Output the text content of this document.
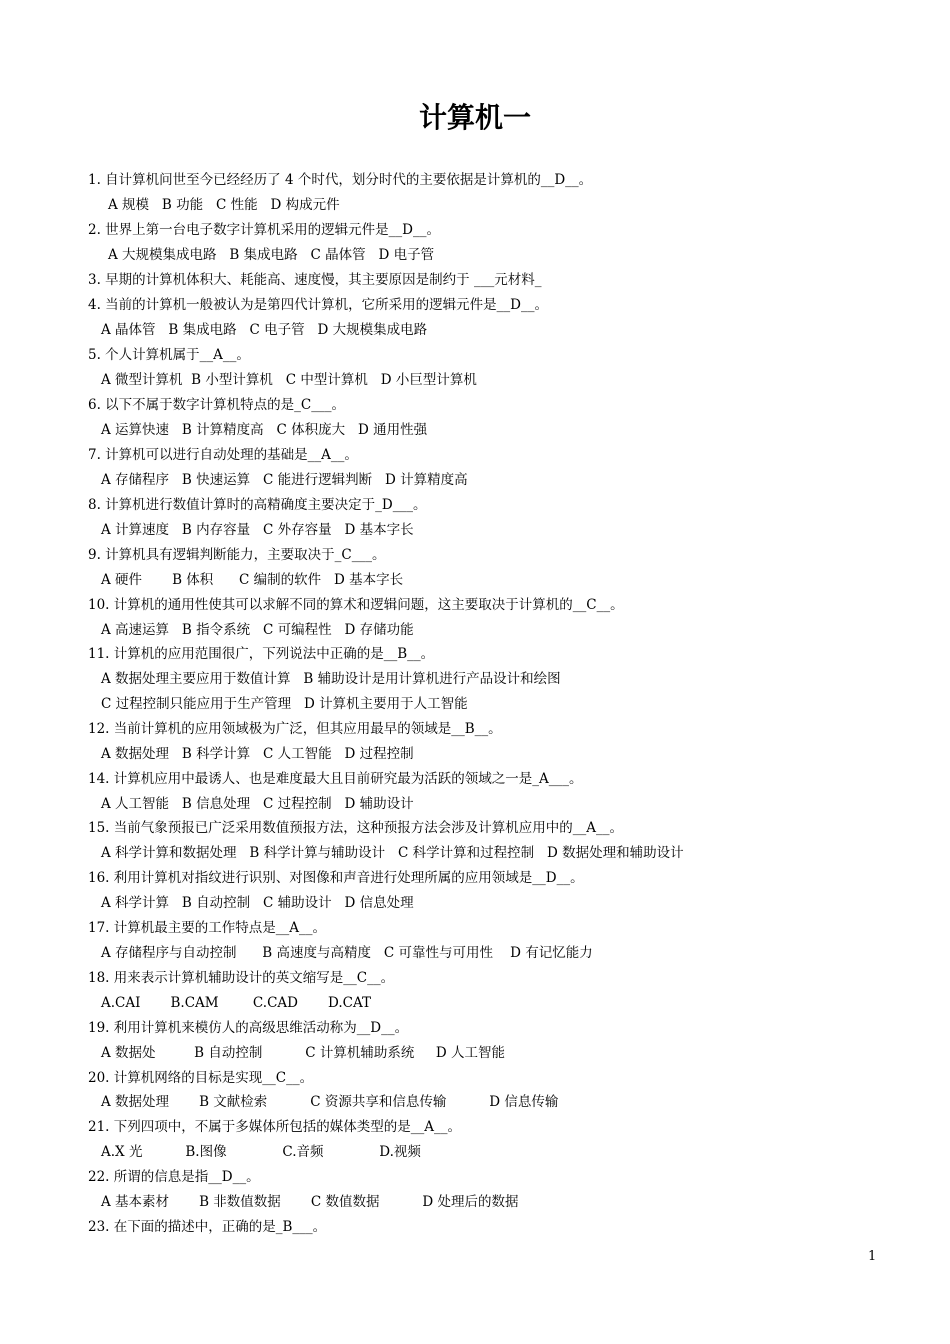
计算机一
1. 自计算机问世至今已经经历了 4 个时代，划分时代的主要依据是计算机的__D__。
A 规模   B 功能   C 性能   D 构成元件
2. 世界上第一台电子数字计算机采用的逻辑元件是__D__。
A 大规模集成电路   B 集成电路   C 晶体管   D 电子管
3. 早期的计算机体积大、耗能高、速度慢，其主要原因是制约于 ___元材料_
4. 当前的计算机一般被认为是第四代计算机，它所采用的逻辑元件是__D__。
A 晶体管   B 集成电路   C 电子管   D 大规模集成电路
5. 个人计算机属于__A__。
A 微型计算机  B 小型计算机   C 中型计算机   D 小巨型计算机
6. 以下不属于数字计算机特点的是_C___。
A 运算快速   B 计算精度高   C 体积庞大   D 通用性强
7. 计算机可以进行自动处理的基础是__A__。
A 存储程序   B 快速运算   C 能进行逻辑判断   D 计算精度高
8. 计算机进行数值计算时的高精确度主要决定于_D___。
A 计算速度   B 内存容量   C 外存容量   D 基本字长
9. 计算机具有逻辑判断能力，主要取决于_C___。
A 硬件       B 体积      C 编制的软件   D 基本字长
10. 计算机的通用性使其可以求解不同的算术和逻辑问题，这主要取决于计算机的__C__。
A 高速运算   B 指令系统   C 可编程性   D 存储功能
11. 计算机的应用范围很广，下列说法中正确的是__B__。
A 数据处理主要应用于数值计算   B 辅助设计是用计算机进行产品设计和绘图
C 过程控制只能应用于生产管理   D 计算机主要用于人工智能
12. 当前计算机的应用领域极为广泛，但其应用最早的领域是__B__。
A 数据处理   B 科学计算   C 人工智能   D 过程控制
14. 计算机应用中最诱人、也是难度最大且目前研究最为活跃的领域之一是_A___。
A 人工智能   B 信息处理   C 过程控制   D 辅助设计
15. 当前气象预报已广泛采用数值预报方法，这种预报方法会涉及计算机应用中的__A__。
A 科学计算和数据处理   B 科学计算与辅助设计   C 科学计算和过程控制   D 数据处理和辅助设计
16. 利用计算机对指纹进行识别、对图像和声音进行处理所属的应用领域是__D__。
A 科学计算   B 自动控制   C 辅助设计   D 信息处理
17. 计算机最主要的工作特点是__A__。
A 存储程序与自动控制      B 高速度与高精度   C 可靠性与可用性    D 有记忆能力
18. 用来表示计算机辅助设计的英文缩写是__C__。
A.CAI       B.CAM        C.CAD       D.CAT
19. 利用计算机来模仿人的高级思维活动称为__D__。
A 数据处         B 自动控制          C 计算机辅助系统     D 人工智能
20. 计算机网络的目标是实现__C__。
A 数据处理       B 文献检索          C 资源共享和信息传输          D 信息传输
21. 下列四项中，不属于多媒体所包括的媒体类型的是__A__。
A.X 光          B.图像             C.音频             D.视频
22. 所谓的信息是指__D__。
A 基本素材       B 非数值数据       C 数值数据          D 处理后的数据
23. 在下面的描述中，正确的是_B___。
1
